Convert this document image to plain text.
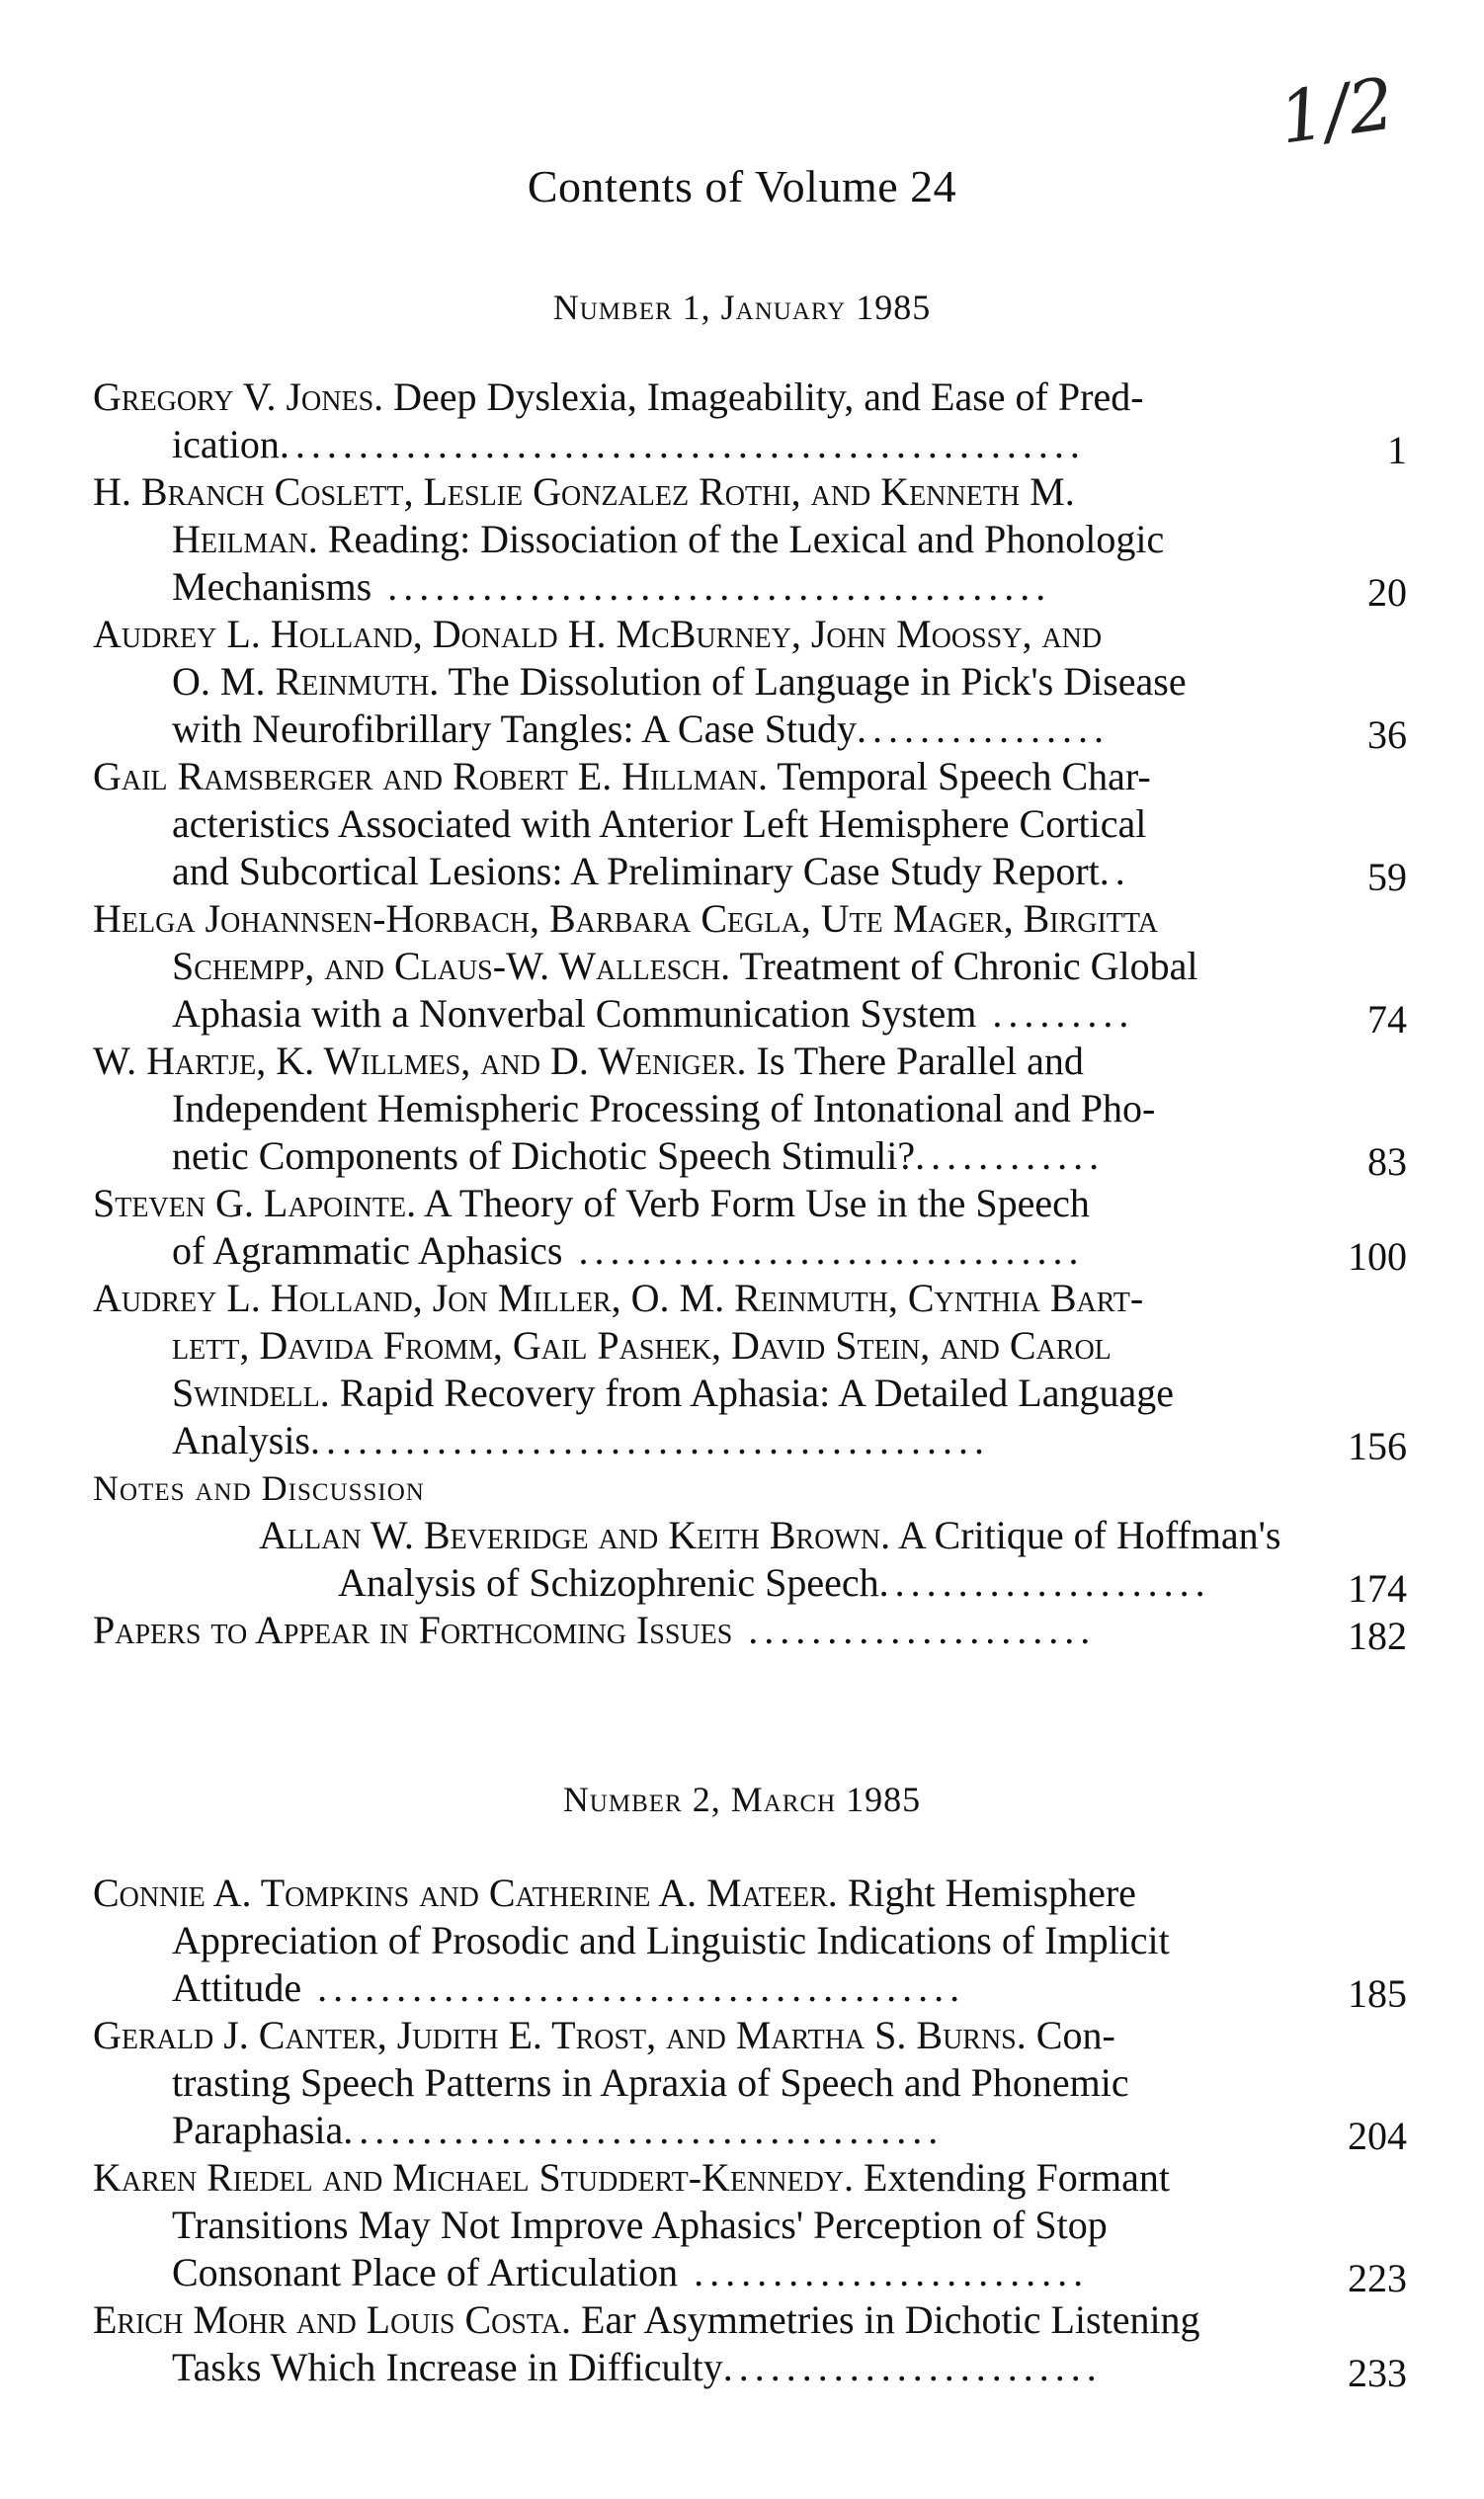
1/2
Contents of Volume 24
Number 1, January 1985

Gregory V. Jones. Deep Dyslexia, Imageability, and Ease of Pred-
ication...................................................	1

H. Branch Coslett, Leslie Gonzalez Rothi, and Kenneth M.
Heilman. Reading: Dissociation of the Lexical and Phonologic
Mechanisms ..........................................	20

Audrey L. Holland, Donald H. McBurney, John Moossy, and
O. M. Reinmuth. The Dissolution of Language in Pick's Disease
with Neurofibrillary Tangles: A Case Study................	36

Gail Ramsberger and Robert E. Hillman. Temporal Speech Char-
acteristics Associated with Anterior Left Hemisphere Cortical
and Subcortical Lesions: A Preliminary Case Study Report..	59

Helga Johannsen-Horbach, Barbara Cegla, Ute Mager, Birgitta
Schempp, and Claus-W. Wallesch. Treatment of Chronic Global
Aphasia with a Nonverbal Communication System .........	74

W. Hartje, K. Willmes, and D. Weniger. Is There Parallel and
Independent Hemispheric Processing of Intonational and Pho-
netic Components of Dichotic Speech Stimuli?............	83

Steven G. Lapointe. A Theory of Verb Form Use in the Speech
of Agrammatic Aphasics ................................	100

Audrey L. Holland, Jon Miller, O. M. Reinmuth, Cynthia Bart-
lett, Davida Fromm, Gail Pashek, David Stein, and Carol
Swindell. Rapid Recovery from Aphasia: A Detailed Language
Analysis...........................................	156

Notes and Discussion

Allan W. Beveridge and Keith Brown. A Critique of Hoffman's
Analysis of Schizophrenic Speech.....................	174

Papers to Appear in Forthcoming Issues ......................	182

Number 2, March 1985

Connie A. Tompkins and Catherine A. Mateer. Right Hemisphere
Appreciation of Prosodic and Linguistic Indications of Implicit
Attitude .........................................	185

Gerald J. Canter, Judith E. Trost, and Martha S. Burns. Con-
trasting Speech Patterns in Apraxia of Speech and Phonemic
Paraphasia......................................	204

Karen Riedel and Michael Studdert-Kennedy. Extending Formant
Transitions May Not Improve Aphasics' Perception of Stop
Consonant Place of Articulation .........................	223

Erich Mohr and Louis Costa. Ear Asymmetries in Dichotic Listening
Tasks Which Increase in Difficulty........................	233
